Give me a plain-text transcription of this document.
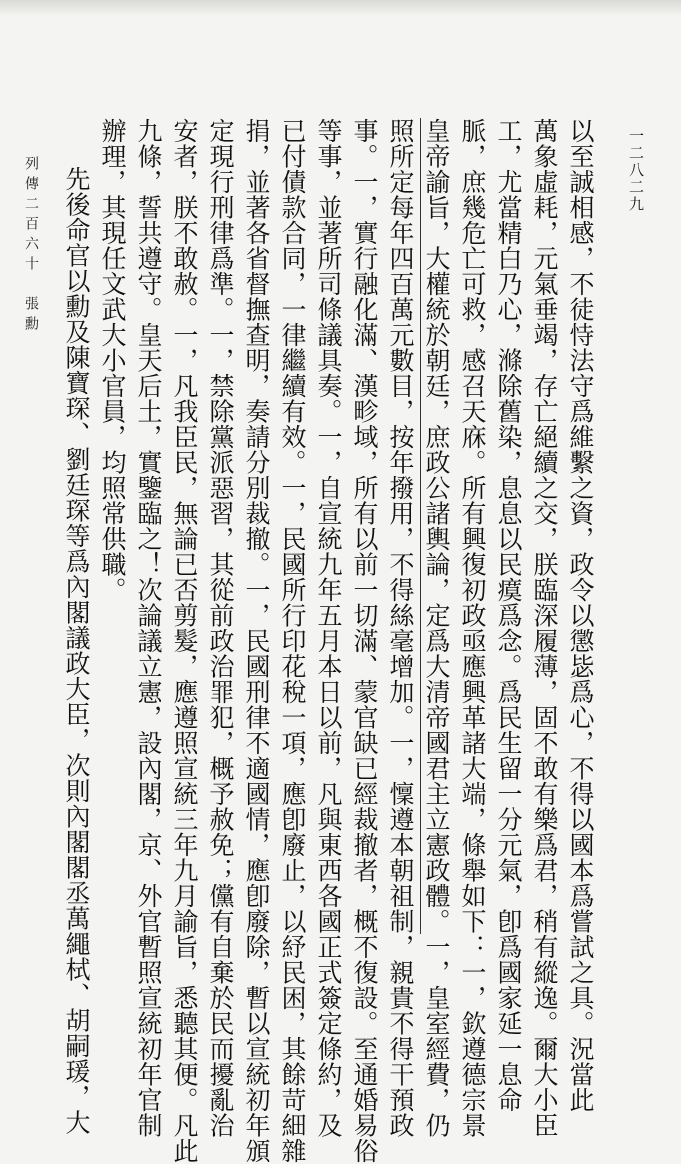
一二八二九
以至誠相感，不徒恃法守爲維繫之資，政令以懲毖爲心，不得以國本爲嘗試之具。況當此
萬象虛耗，元氣垂竭，存亡絕續之交，朕臨深履薄，固不敢有樂爲君，稍有縱逸。爾大小臣
工，尤當精白乃心，滌除舊染，息息以民瘼爲念。爲民生留一分元氣，卽爲國家延一息命
脈，庶幾危亡可救，感召天庥。所有興復初政亟應興革諸大端，條舉如下：一，欽遵德宗景
皇帝諭旨，大權統於朝廷，庶政公諸輿論，定爲大清帝國君主立憲政體。一，皇室經費，仍
照所定每年四百萬元數目，按年撥用，不得絲毫增加。一，懍遵本朝祖制，親貴不得干預政
事。一，實行融化滿、漢畛域，所有以前一切滿、蒙官缺已經裁撤者，概不復設。至通婚易俗
等事，並著所司條議具奏。一，自宣統九年五月本日以前，凡與東西各國正式簽定條約，及
已付債款合同，一律繼續有效。一，民國所行印花稅一項，應卽廢止，以紓民困，其餘苛細雜
捐，並著各省督撫查明，奏請分別裁撤。一，民國刑律不適國情，應卽廢除，暫以宣統初年頒
定現行刑律爲準。一，禁除黨派惡習，其從前政治罪犯，概予赦免；儻有自棄於民而擾亂治
安者，朕不敢赦。一，凡我臣民，無論已否剪髮，應遵照宣統三年九月諭旨，悉聽其便。凡此
九條，誓共遵守。皇天后土，實鑒臨之！次論議立憲，設內閣，京、外官暫照宣統初年官制
辦理，其現任文武大小官員，均照常供職。
先後命官以勳及陳寶琛、劉廷琛等爲內閣議政大臣，次則內閣閣丞萬繩栻、胡嗣瑗，大
列傳二百六十　張勳
